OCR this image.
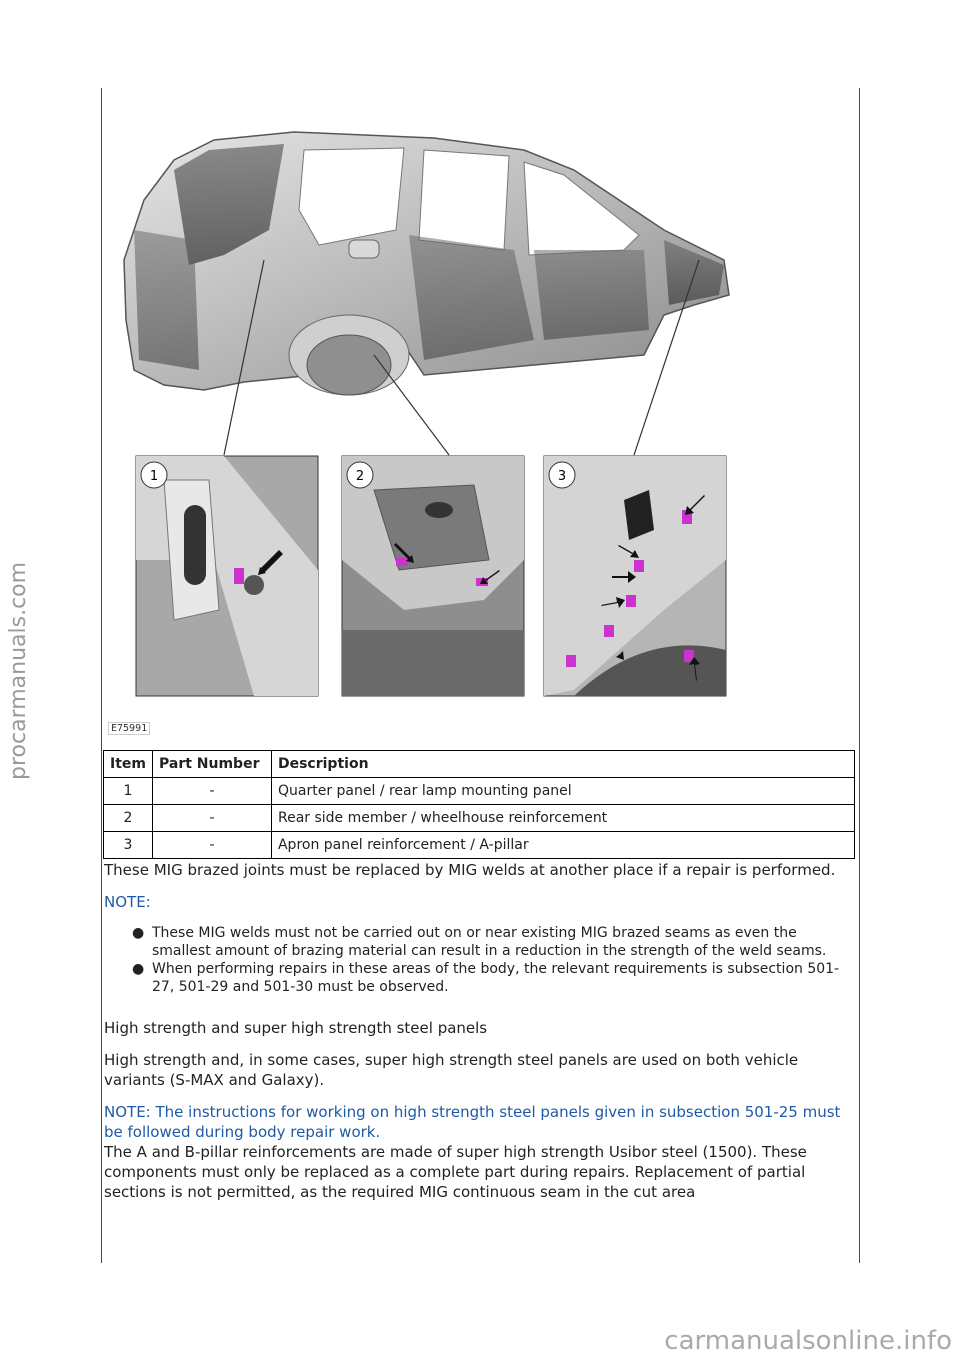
procarmanuals.com
1	2	3
E75991
Item	Part Number	Description
1	-	Quarter panel / rear lamp mounting panel
2	-	Rear side member / wheelhouse reinforcement
3	-	Apron panel reinforcement / A-pillar

These MIG brazed joints must be replaced by MIG welds at another place if a repair is performed.

NOTE:

● These MIG welds must not be carried out on or near existing MIG brazed seams as even the smallest amount of brazing material can result in a reduction in the strength of the weld seams.
● When performing repairs in these areas of the body, the relevant requirements is subsection 501-27, 501-29 and 501-30 must be observed.

High strength and super high strength steel panels

High strength and, in some cases, super high strength steel panels are used on both vehicle variants (S-MAX and Galaxy).

NOTE: The instructions for working on high strength steel panels given in subsection 501-25 must be followed during body repair work.

The A and B-pillar reinforcements are made of super high strength Usibor steel (1500). These components must only be replaced as a complete part during repairs. Replacement of partial sections is not permitted, as the required MIG continuous seam in the cut area

carmanualsonline.info
